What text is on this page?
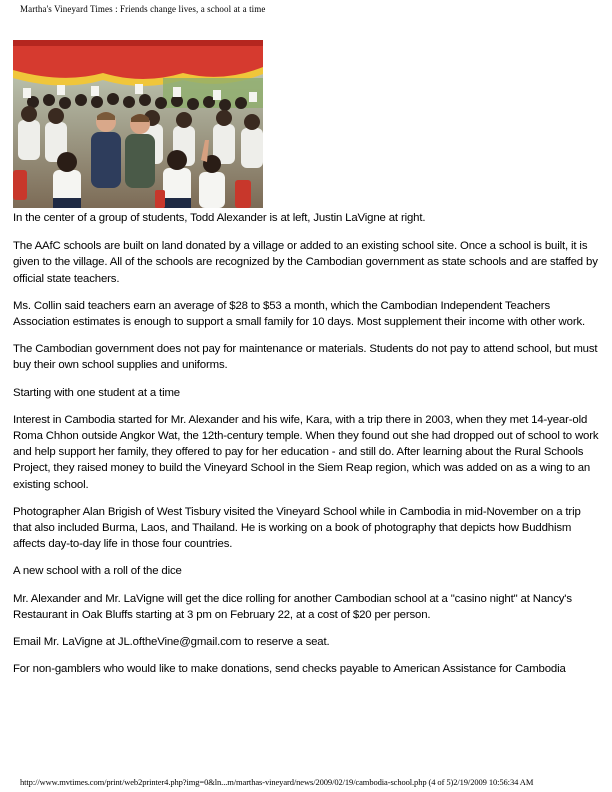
Martha's Vineyard Times : Friends change lives, a school at a time

In the center of a group of students, Todd Alexander is at left, Justin LaVigne at right.

The AAfC schools are built on land donated by a village or added to an existing school site. Once a school is built, it is given to the village. All of the schools are recognized by the Cambodian government as state schools and are staffed by official state teachers.

Ms. Collin said teachers earn an average of $28 to $53 a month, which the Cambodian Independent Teachers Association estimates is enough to support a small family for 10 days. Most supplement their income with other work.

The Cambodian government does not pay for maintenance or materials. Students do not pay to attend school, but must buy their own school supplies and uniforms.

Starting with one student at a time

Interest in Cambodia started for Mr. Alexander and his wife, Kara, with a trip there in 2003, when they met 14-year-old Roma Chhon outside Angkor Wat, the 12th-century temple. When they found out she had dropped out of school to work and help support her family, they offered to pay for her education - and still do. After learning about the Rural Schools Project, they raised money to build the Vineyard School in the Siem Reap region, which was added on as a wing to an existing school.

Photographer Alan Brigish of West Tisbury visited the Vineyard School while in Cambodia in mid-November on a trip that also included Burma, Laos, and Thailand. He is working on a book of photography that depicts how Buddhism affects day-to-day life in those four countries.

A new school with a roll of the dice

Mr. Alexander and Mr. LaVigne will get the dice rolling for another Cambodian school at a "casino night" at Nancy's Restaurant in Oak Bluffs starting at 3 pm on February 22, at a cost of $20 per person.

Email Mr. LaVigne at JL.oftheVine@gmail.com to reserve a seat.

For non-gamblers who would like to make donations, send checks payable to American Assistance for Cambodia

http://www.mvtimes.com/print/web2printer4.php?img=0&ln...m/marthas-vineyard/news/2009/02/19/cambodia-school.php (4 of 5)2/19/2009 10:56:34 AM
